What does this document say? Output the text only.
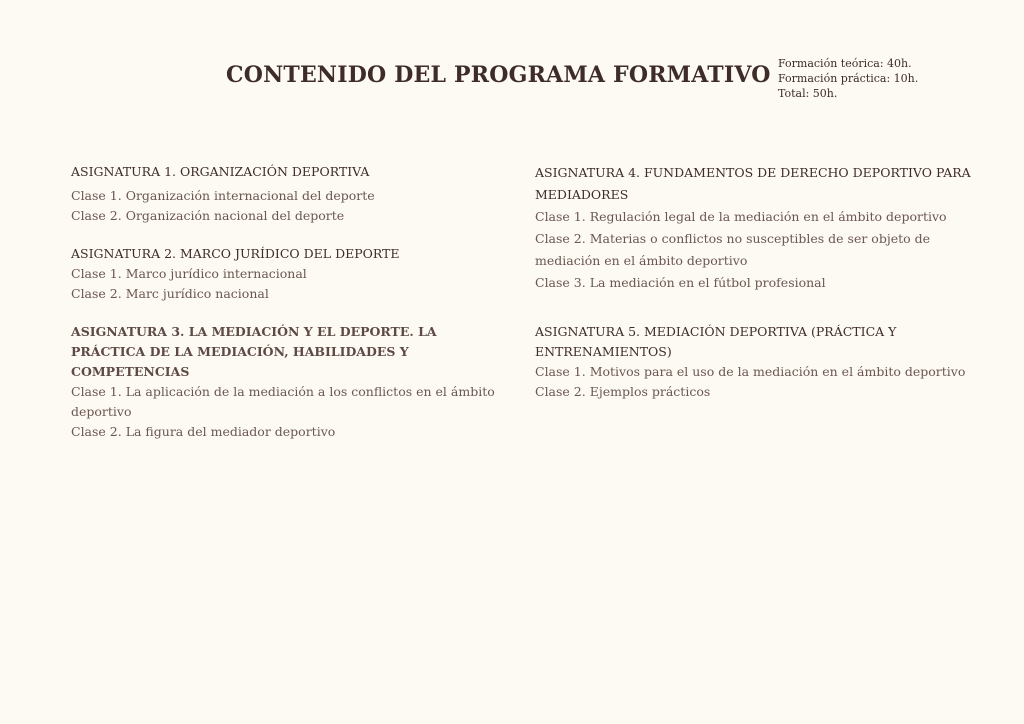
CONTENIDO DEL PROGRAMA FORMATIVO Formación teórica: 40h.
Formación práctica: 10h.
Total: 50h.
ASIGNATURA 1. ORGANIZACIÓN DEPORTIVA
Clase 1. Organización internacional del deporte
Clase 2. Organización nacional del deporte
ASIGNATURA 2. MARCO JURÍDICO DEL DEPORTE
Clase 1. Marco jurídico internacional
Clase 2. Marc jurídico nacional
ASIGNATURA 3. LA MEDIACIÓN Y EL DEPORTE. LA PRÁCTICA DE LA MEDIACIÓN, HABILIDADES Y COMPETENCIAS
Clase 1. La aplicación de la mediación a los conflictos en el ámbito deportivo
Clase 2. La figura del mediador deportivo
ASIGNATURA 4. FUNDAMENTOS DE DERECHO DEPORTIVO PARA MEDIADORES
Clase 1. Regulación legal de la mediación en el ámbito deportivo
Clase 2. Materias o conflictos no susceptibles de ser objeto de mediación en el ámbito deportivo
Clase 3. La mediación en el fútbol profesional
ASIGNATURA 5. MEDIACIÓN DEPORTIVA (PRÁCTICA Y ENTRENAMIENTOS)
Clase 1. Motivos para el uso de la mediación en el ámbito deportivo
Clase 2. Ejemplos prácticos
